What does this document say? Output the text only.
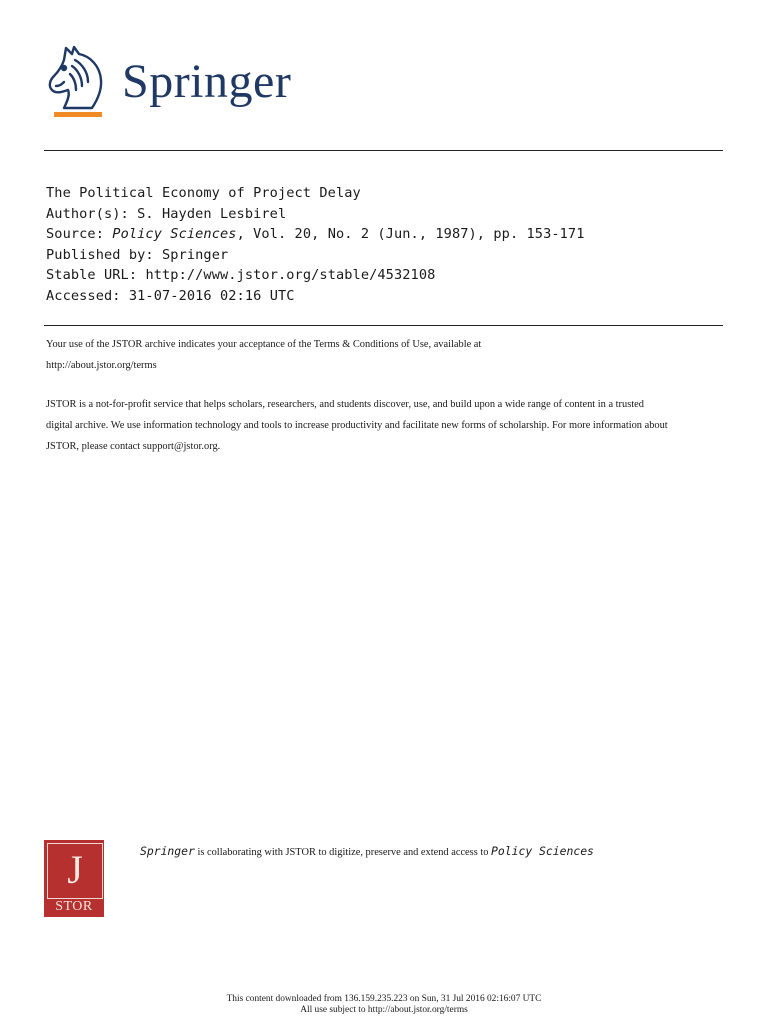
Springer
The Political Economy of Project Delay
Author(s): S. Hayden Lesbirel
Source: Policy Sciences, Vol. 20, No. 2 (Jun., 1987), pp. 153-171
Published by: Springer
Stable URL: http://www.jstor.org/stable/4532108
Accessed: 31-07-2016 02:16 UTC

Your use of the JSTOR archive indicates your acceptance of the Terms & Conditions of Use, available at

http://about.jstor.org/terms

JSTOR is a not-for-profit service that helps scholars, researchers, and students discover, use, and build upon a wide range of content in a trusted

digital archive. We use information technology and tools to increase productivity and facilitate new forms of scholarship. For more information about

JSTOR, please contact support@jstor.org.

J
STOR
Springer is collaborating with JSTOR to digitize, preserve and extend access to Policy Sciences
This content downloaded from 136.159.235.223 on Sun, 31 Jul 2016 02:16:07 UTC
All use subject to http://about.jstor.org/terms
